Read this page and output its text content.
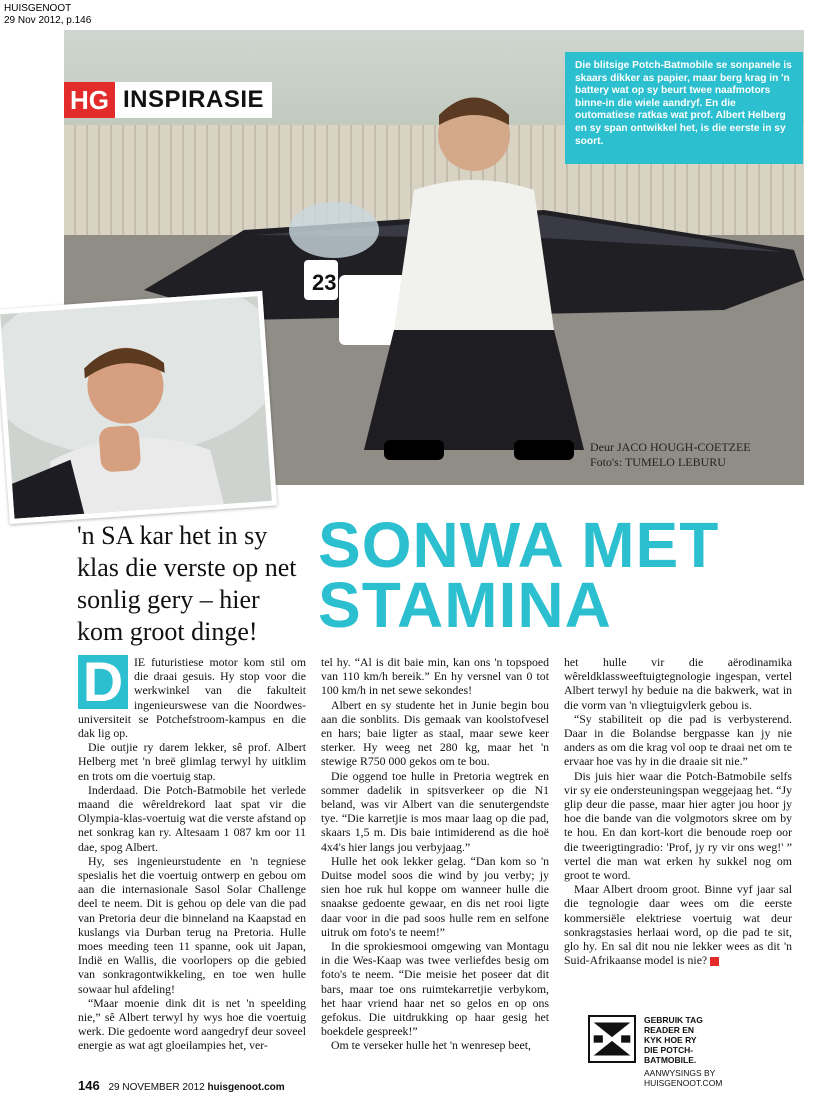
HUISGENOOT
29 Nov 2012, p.146
23
Deur JACO HOUGH-COETZEE
Foto's: TUMELO LEBURU
Die blitsige Potch-Batmobile se sonpanele is skaars dikker as papier, maar berg krag in 'n battery wat op sy beurt twee naafmotors binne-in die wiele aandryf. En die outomatiese ratkas wat prof. Albert Helberg en sy span ontwikkel het, is die eerste in sy soort.
HG INSPIRASIE
'n SA kar het in sy klas die verste op net sonlig gery – hier kom groot dinge!
SONWA MET
STAMINA

D IE futuristiese motor kom stil om die draai gesuis. Hy stop voor die werkwinkel van die fakulteit ingenieurswese van die Noordwes-universiteit se Potchefstroom-kampus en die dak lig op.

Die outjie ry darem lekker, sê prof. Albert Helberg met 'n breë glimlag terwyl hy uitklim en trots om die voertuig stap.

Inderdaad. Die Potch-Batmobile het verlede maand die wêreldrekord laat spat vir die Olympia-klas-voertuig wat die verste afstand op net sonkrag kan ry. Altesaam 1 087 km oor 11 dae, spog Albert.

Hy, ses ingenieurstudente en 'n tegniese spesialis het die voertuig ontwerp en gebou om aan die internasionale Sasol Solar Challenge deel te neem. Dit is gehou op dele van die pad van Pretoria deur die binneland na Kaapstad en kuslangs via Durban terug na Pretoria. Hulle moes meeding teen 11 spanne, ook uit Japan, Indië en Wallis, die voorlopers op die gebied van sonkragontwikkeling, en toe wen hulle sowaar hul afdeling!

“Maar moenie dink dit is net 'n speelding nie,” sê Albert terwyl hy wys hoe die voertuig werk. Die gedoente word aangedryf deur soveel energie as wat agt gloeilampies het, ver-

tel hy. “Al is dit baie min, kan ons 'n topspoed van 110 km/h bereik.” En hy versnel van 0 tot 100 km/h in net sewe sekondes!

Albert en sy studente het in Junie begin bou aan die sonblits. Dis gemaak van koolstofvesel en hars; baie ligter as staal, maar sewe keer sterker. Hy weeg net 280 kg, maar het 'n stewige R750 000 gekos om te bou.

Die oggend toe hulle in Pretoria wegtrek en sommer dadelik in spitsverkeer op die N1 beland, was vir Albert van die senutergendste tye. “Die karretjie is mos maar laag op die pad, skaars 1,5 m. Dis baie intimiderend as die hoë 4x4's hier langs jou verbyjaag.”

Hulle het ook lekker gelag. “Dan kom so 'n Duitse model soos die wind by jou verby; jy sien hoe ruk hul koppe om wanneer hulle die snaakse gedoente gewaar, en dis net rooi ligte daar voor in die pad soos hulle rem en selfone uitruk om foto's te neem!”

In die sprokiesmooi omgewing van Montagu in die Wes-Kaap was twee verliefdes besig om foto's te neem. “Die meisie het poseer dat dit bars, maar toe ons ruimtekarretjie verbykom, het haar vriend haar net so gelos en op ons gefokus. Die uitdrukking op haar gesig het boekdele gespreek!”

Om te verseker hulle het 'n wenresep beet,

het hulle vir die aërodinamika wêreldklassweeftuigtegnologie ingespan, vertel Albert terwyl hy beduie na die bakwerk, wat in die vorm van 'n vliegtuigvlerk gebou is.

“Sy stabiliteit op die pad is verbysterend. Daar in die Bolandse bergpasse kan jy nie anders as om die krag vol oop te draai net om te ervaar hoe vas hy in die draaie sit nie.”

Dis juis hier waar die Potch-Batmobile selfs vir sy eie ondersteuningspan weggejaag het. “Jy glip deur die passe, maar hier agter jou hoor jy hoe die bande van die volgmotors skree om by te hou. En dan kort-kort die benoude roep oor die tweerigtingradio: 'Prof, jy ry vir ons weg!' ” vertel die man wat erken hy sukkel nog om groot te word.

Maar Albert droom groot. Binne vyf jaar sal die tegnologie daar wees om die eerste kommersiële elektriese voertuig wat deur sonkragstasies herlaai word, op die pad te sit, glo hy. En sal dit nou nie lekker wees as dit 'n Suid-Afrikaanse model is nie?

GEBRUIK TAG
READER EN
KYK HOE RY
DIE POTCH-
BATMOBILE.
AANWYSINGS BY
HUISGENOOT.COM
146 29 NOVEMBER 2012 huisgenoot.com
